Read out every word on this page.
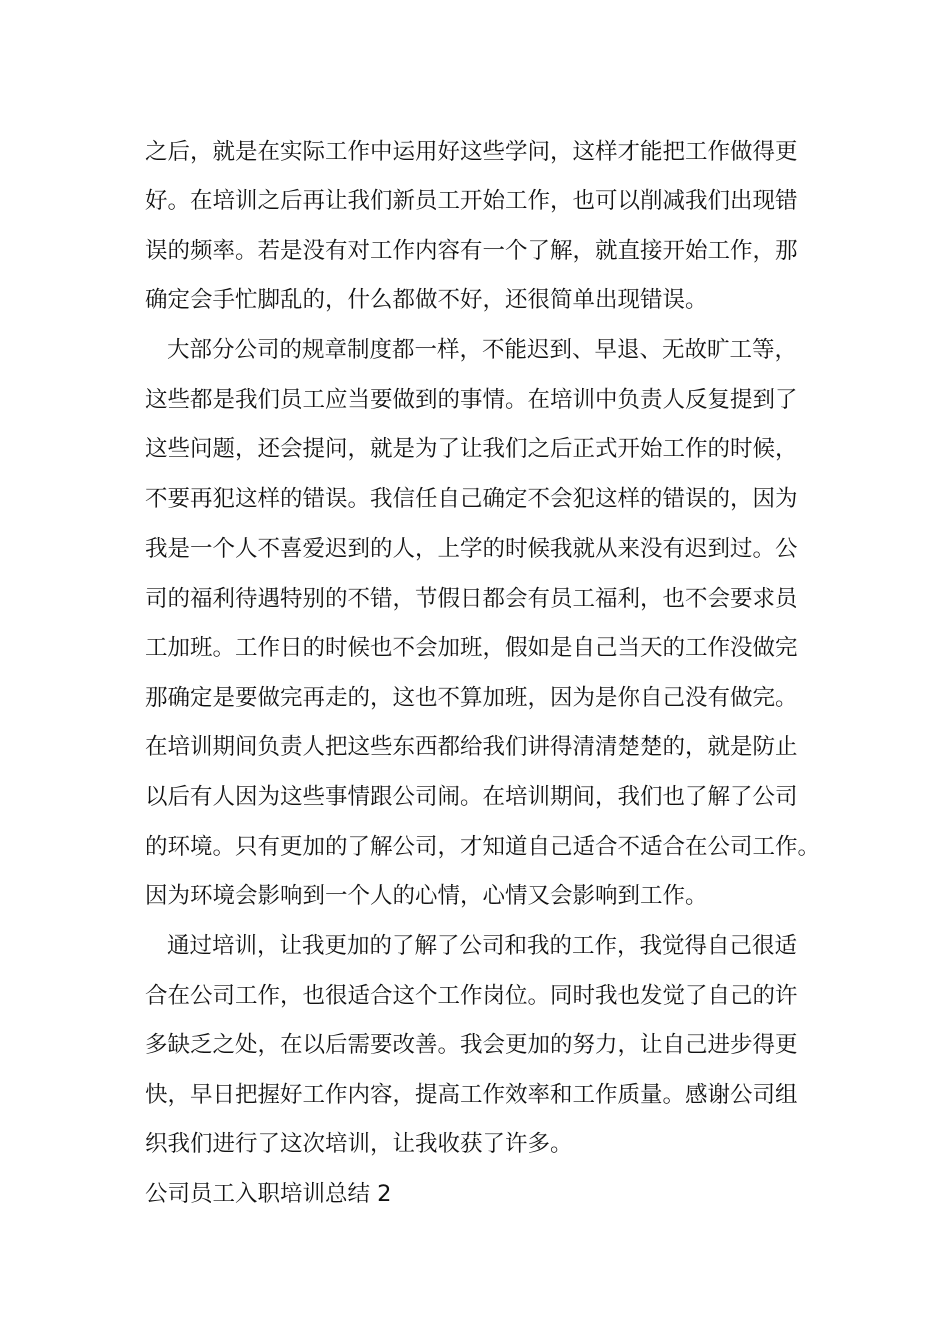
之后，就是在实际工作中运用好这些学问，这样才能把工作做得更
好。在培训之后再让我们新员工开始工作，也可以削减我们出现错
误的频率。若是没有对工作内容有一个了解，就直接开始工作，那
确定会手忙脚乱的，什么都做不好，还很简单出现错误。
大部分公司的规章制度都一样，不能迟到、早退、无故旷工等，
这些都是我们员工应当要做到的事情。在培训中负责人反复提到了
这些问题，还会提问，就是为了让我们之后正式开始工作的时候，
不要再犯这样的错误。我信任自己确定不会犯这样的错误的，因为
我是一个人不喜爱迟到的人，上学的时候我就从来没有迟到过。公
司的福利待遇特别的不错，节假日都会有员工福利，也不会要求员
工加班。工作日的时候也不会加班，假如是自己当天的工作没做完
那确定是要做完再走的，这也不算加班，因为是你自己没有做完。
在培训期间负责人把这些东西都给我们讲得清清楚楚的，就是防止
以后有人因为这些事情跟公司闹。在培训期间，我们也了解了公司
的环境。只有更加的了解公司，才知道自己适合不适合在公司工作。
因为环境会影响到一个人的心情，心情又会影响到工作。
通过培训，让我更加的了解了公司和我的工作，我觉得自己很适
合在公司工作，也很适合这个工作岗位。同时我也发觉了自己的许
多缺乏之处，在以后需要改善。我会更加的努力，让自己进步得更
快，早日把握好工作内容，提高工作效率和工作质量。感谢公司组
织我们进行了这次培训，让我收获了许多。
公司员工入职培训总结 2
